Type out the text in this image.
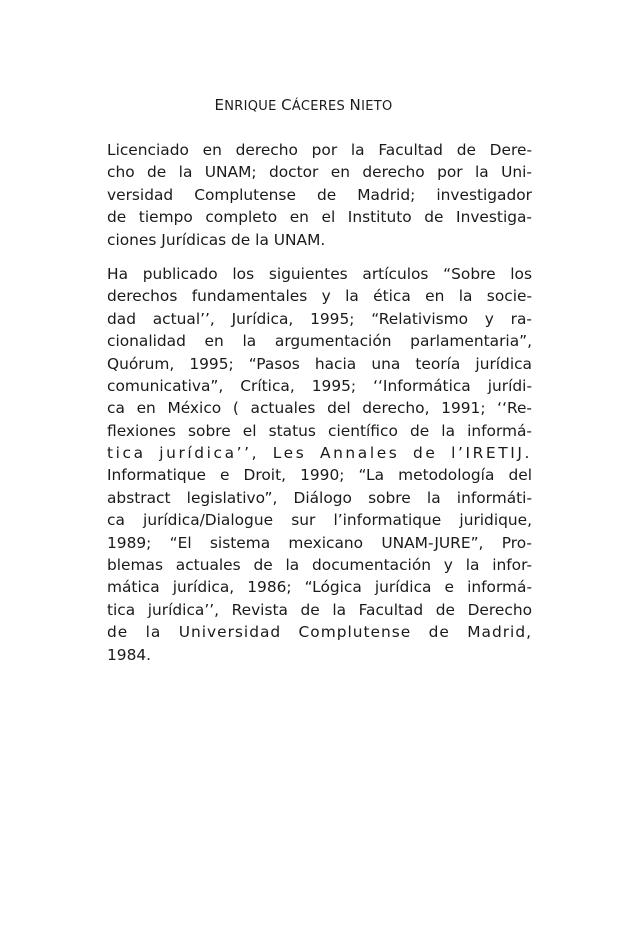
ENRIQUE CÁCERES NIETO
Licenciado en derecho por la Facultad de Dere-
cho de la UNAM; doctor en derecho por la Uni-
versidad Complutense de Madrid; investigador
de tiempo completo en el Instituto de Investiga-
ciones Jurídicas de la UNAM.
Ha publicado los siguientes artículos “Sobre los
derechos fundamentales y la ética en la socie-
dad actual’’, Jurídica, 1995; “Relativismo y ra-
cionalidad en la argumentación parlamentaria”,
Quórum, 1995; “Pasos hacia una teoría jurídica
comunicativa”, Crítica, 1995; ‘‘Informática jurídi-
ca en México ( actuales del derecho, 1991; ‘‘Re-
flexiones sobre el status científico de la informá-
tica jurídica’’, Les Annales de l’IRETIJ.
Informatique e Droit, 1990; “La metodología del
abstract legislativo”, Diálogo sobre la informáti-
ca jurídica/Dialogue sur l’informatique juridique,
1989; “El sistema mexicano UNAM-JURE”, Pro-
blemas actuales de la documentación y la infor-
mática jurídica, 1986; “Lógica jurídica e informá-
tica jurídica’’, Revista de la Facultad de Derecho
de la Universidad Complutense de Madrid,
1984.
